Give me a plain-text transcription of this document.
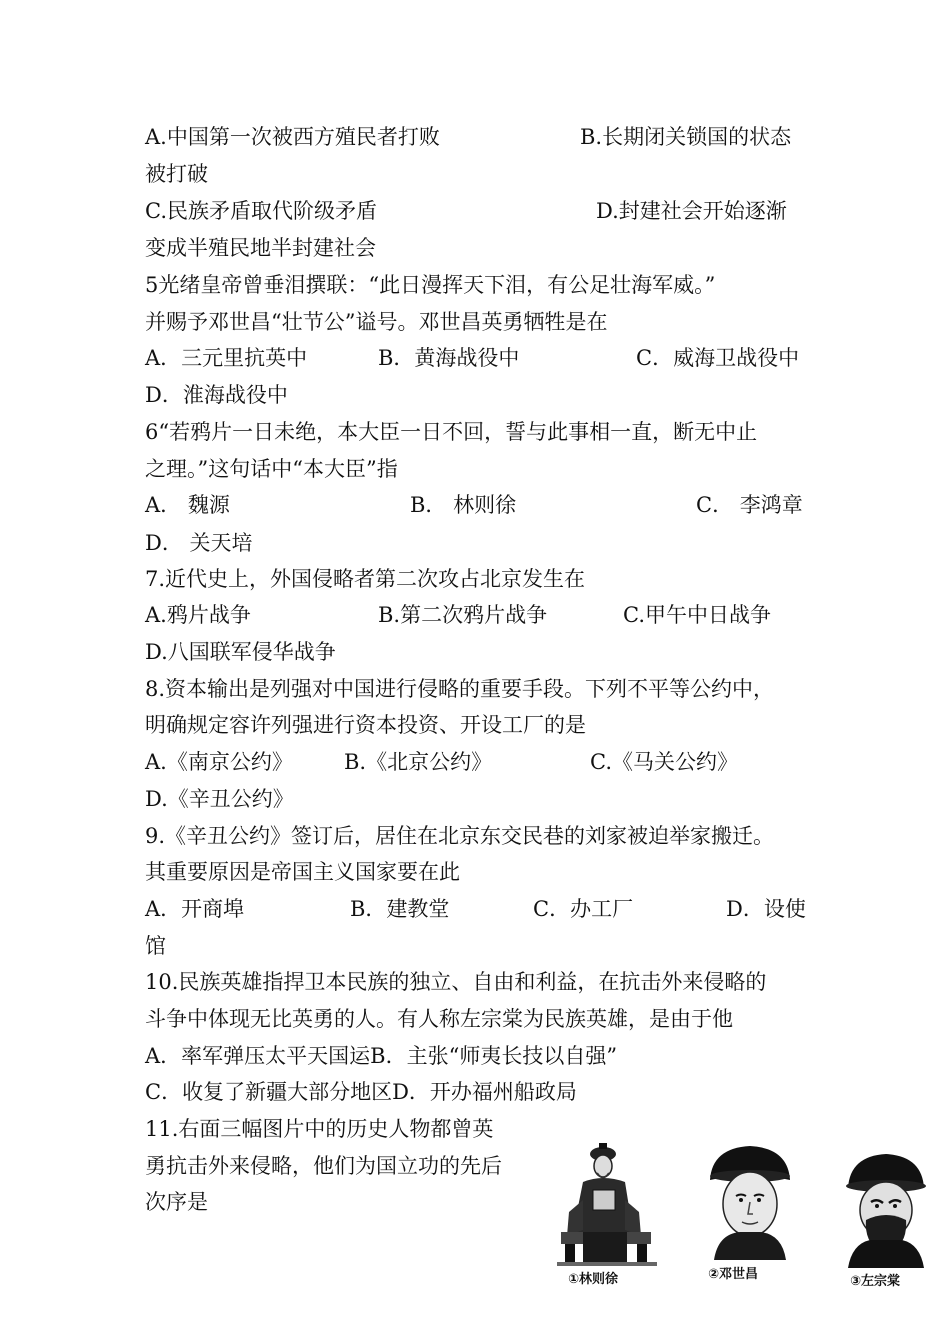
A.中国第一次被西方殖民者打败	B.长期闭关锁国的状态
被打破
C.民族矛盾取代阶级矛盾	D.封建社会开始逐渐
变成半殖民地半封建社会
5光绪皇帝曾垂泪撰联：“此日漫挥天下泪，有公足壮海军威。”
并赐予邓世昌“壮节公”谥号。邓世昌英勇牺牲是在
A．三元里抗英中	B．黄海战役中	C．威海卫战役中
D．淮海战役中
6“若鸦片一日未绝，本大臣一日不回，誓与此事相一直，断无中止
之理。”这句话中“本大臣”指
A． 魏源	B． 林则徐	C． 李鸿章
D． 关天培
7.近代史上，外国侵略者第二次攻占北京发生在
A.鸦片战争	B.第二次鸦片战争	C.甲午中日战争
D.八国联军侵华战争
8.资本输出是列强对中国进行侵略的重要手段。下列不平等公约中，
明确规定容许列强进行资本投资、开设工厂的是
A.《南京公约》 B.《北京公约》	C.《马关公约》
D.《辛丑公约》
9.《辛丑公约》签订后，居住在北京东交民巷的刘家被迫举家搬迁。
其重要原因是帝国主义国家要在此
A．开商埠	B．建教堂	C．办工厂	D．设使
馆
10.民族英雄指捍卫本民族的独立、自由和利益，在抗击外来侵略的
斗争中体现无比英勇的人。有人称左宗棠为民族英雄，是由于他
A．率军弹压太平天国运B．主张“师夷长技以自强”
C．收复了新疆大部分地区D．开办福州船政局
11.右面三幅图片中的历史人物都曾英
勇抗击外来侵略，他们为国立功的先后
次序是
①林则徐	②邓世昌	③左宗棠
